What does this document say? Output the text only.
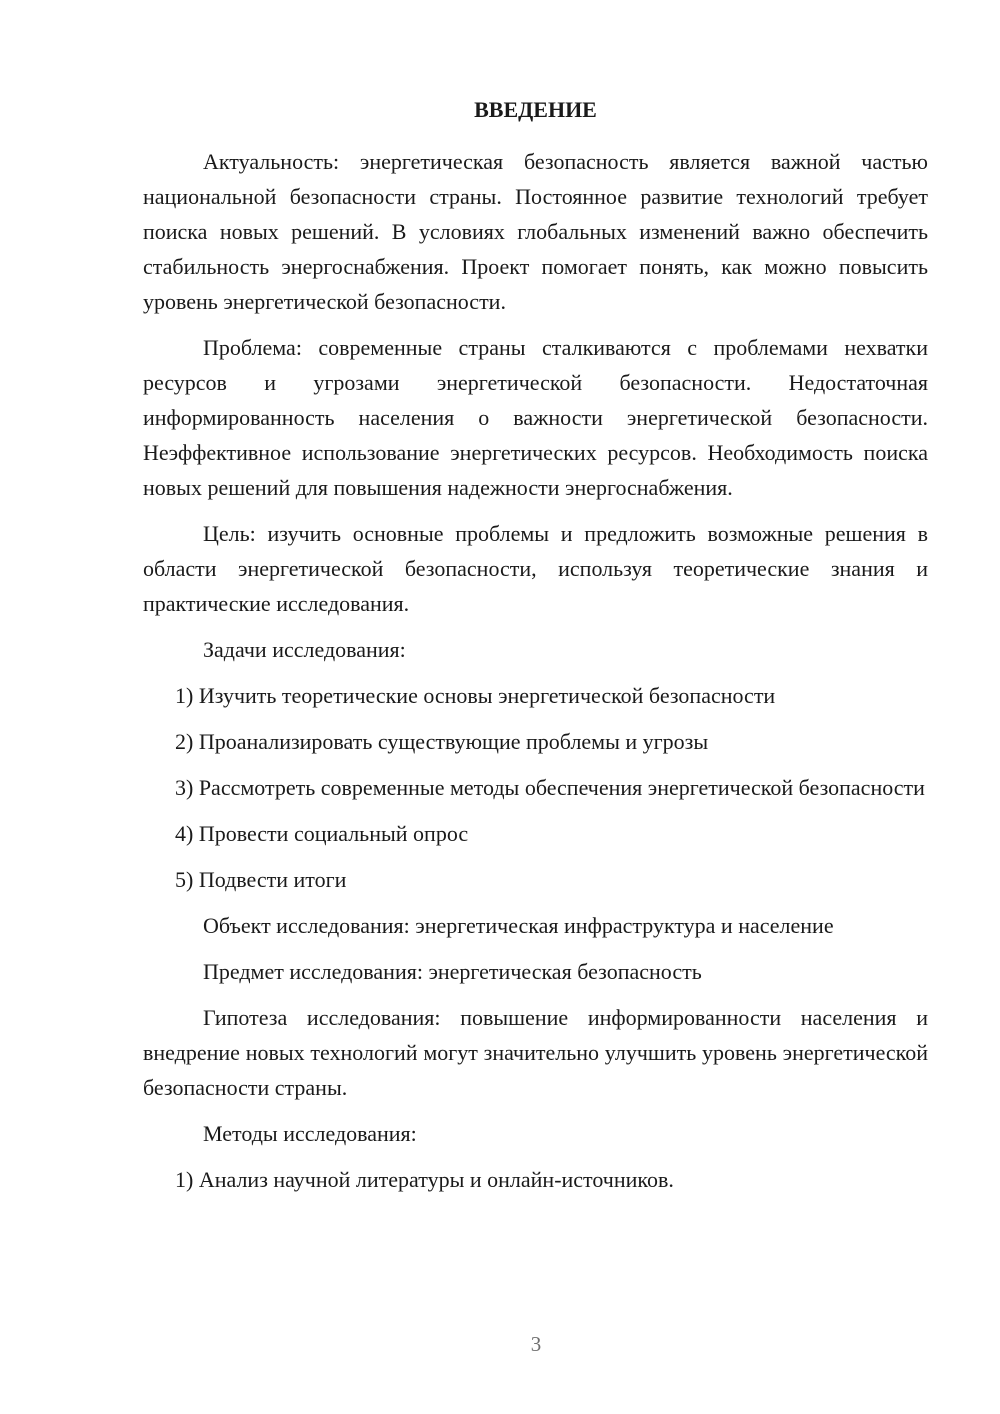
ВВЕДЕНИЕ

Актуальность: энергетическая безопасность является важной частью национальной безопасности страны. Постоянное развитие технологий требует поиска новых решений. В условиях глобальных изменений важно обеспечить стабильность энергоснабжения. Проект помогает понять, как можно повысить уровень энергетической безопасности.

Проблема: современные страны сталкиваются с проблемами нехватки ресурсов и угрозами энергетической безопасности. Недостаточная информированность населения о важности энергетической безопасности. Неэффективное использование энергетических ресурсов. Необходимость поиска новых решений для повышения надежности энергоснабжения.

Цель: изучить основные проблемы и предложить возможные решения в области энергетической безопасности, используя теоретические знания и практические исследования.

Задачи исследования:

1) Изучить теоретические основы энергетической безопасности

2) Проанализировать существующие проблемы и угрозы

3) Рассмотреть современные методы обеспечения энергетической безопасности

4) Провести социальный опрос

5) Подвести итоги

Объект исследования: энергетическая инфраструктура и население

Предмет исследования: энергетическая безопасность

Гипотеза исследования: повышение информированности населения и внедрение новых технологий могут значительно улучшить уровень энергетической безопасности страны.

Методы исследования:

1) Анализ научной литературы и онлайн-источников.

3
